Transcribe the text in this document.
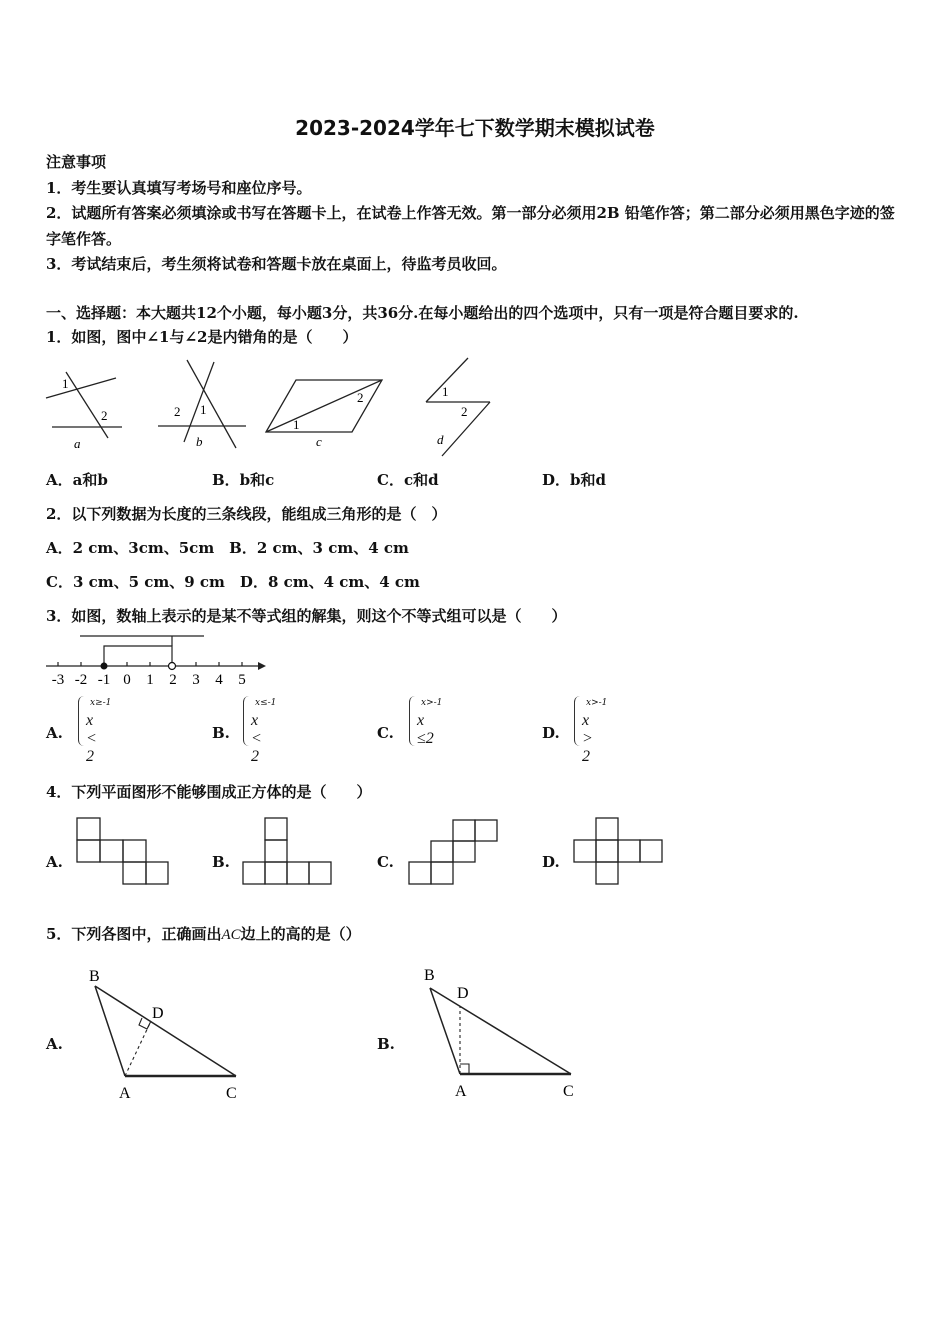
2023-2024学年七下数学期末模拟试卷
注意事项
1．考生要认真填写考场号和座位序号。
2．试题所有答案必须填涂或书写在答题卡上，在试卷上作答无效。第一部分必须用2B 铅笔作答；第二部分必须用黑色字迹的签字笔作答。
3．考试结束后，考生须将试卷和答题卡放在桌面上，待监考员收回。
一、选择题：本大题共12个小题，每小题3分，共36分.在每小题给出的四个选项中，只有一项是符合题目要求的.
1．如图，图中∠1与∠2是内错角的是（　　）
1
2
a
2 1
b
2
1
c
1
2
d
A．a和b	B．b和c	C．c和d	D．b和d
2．以下列数据为长度的三条线段，能组成三角形的是（　）
A．2 cm、3cm、5cm　B．2 cm、3 cm、4 cm
C．3 cm、5 cm、9 cm　D．8 cm、4 cm、4 cm
3．如图，数轴上表示的是某不等式组的解集，则这个不等式组可以是（　　）
-3 -2 -1 0 1 2 3 4 5
A.
x≥-1
x < 2
B.
x≤-1
x < 2
C.
x>-1
x ≤2	D.
x>-1
x > 2
4．下列平面图形不能够围成正方体的是（　　）
A.	B.	C.	D.
5．下列各图中，正确画出AC边上的高的是（）
A.	B.
B
D
A	C
B
D
A	C
